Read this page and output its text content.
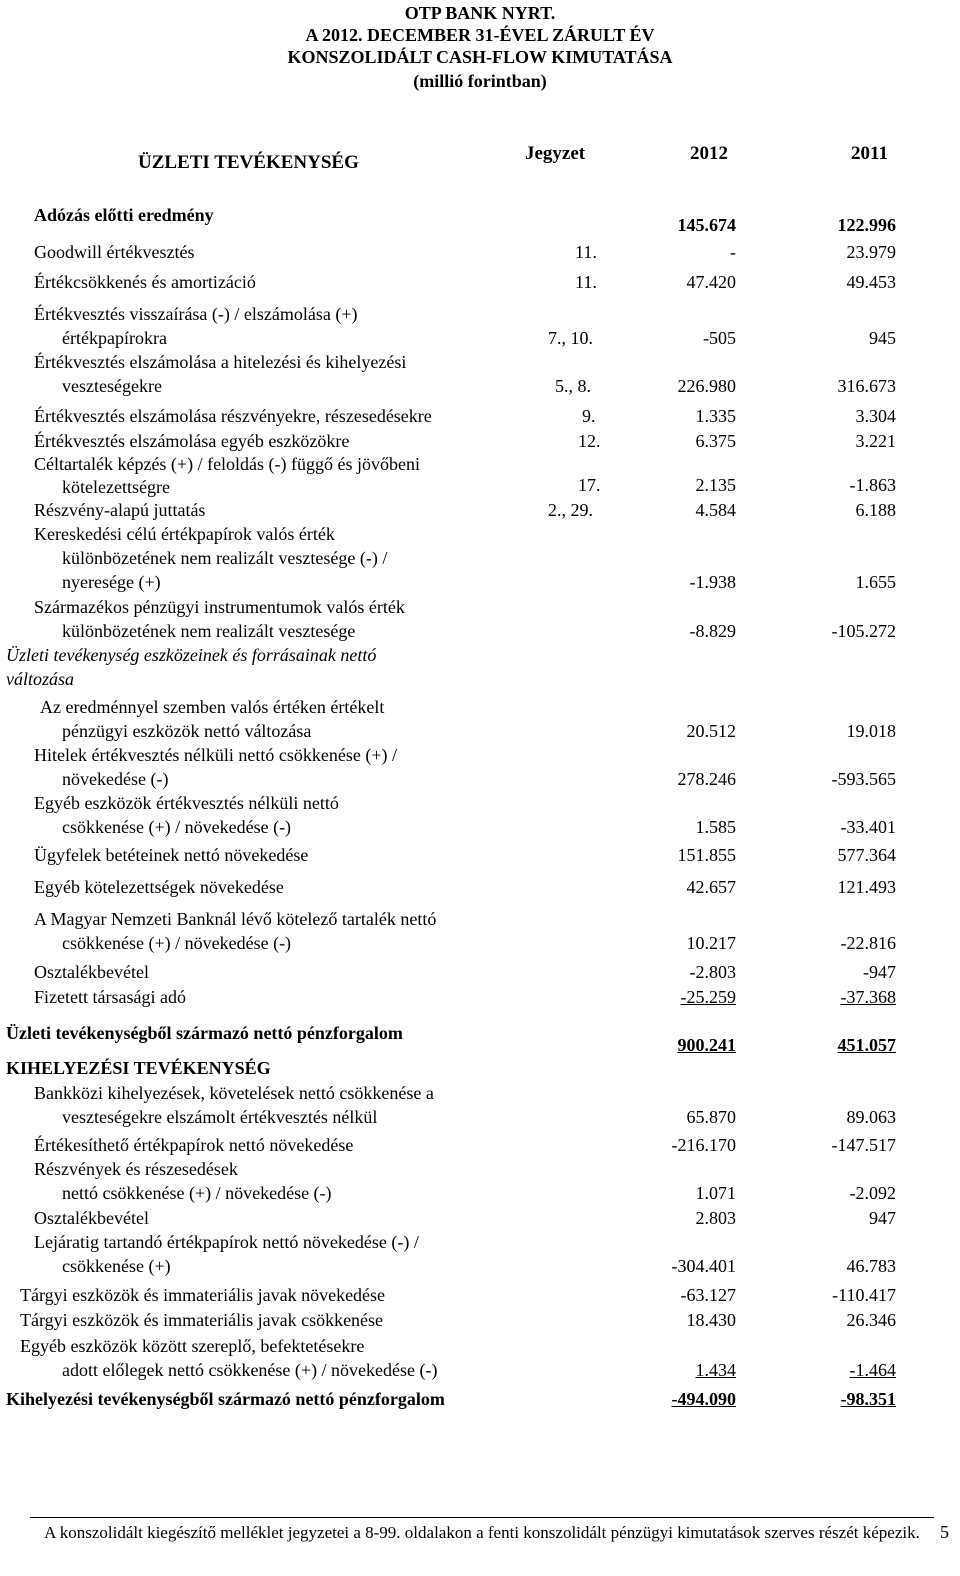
OTP BANK NYRT.
A 2012. DECEMBER 31-ÉVEL ZÁRULT ÉV
KONSZOLIDÁLT CASH-FLOW KIMUTATÁSA
(millió forintban)
ÜZLETI TEVÉKENYSÉG	Jegyzet	2012	2011
Adózás előtti eredmény	145.674	122.996
Goodwill értékvesztés	11.	-	23.979
Értékcsökkenés és amortizáció	11.	47.420	49.453
Értékvesztés visszaírása (-) / elszámolása (+)
értékpapírokra	7., 10.	-505	945
Értékvesztés elszámolása a hitelezési és kihelyezési
veszteségekre	5., 8.	226.980	316.673
Értékvesztés elszámolása részvényekre, részesedésekre	9.	1.335	3.304
Értékvesztés elszámolása egyéb eszközökre	12.	6.375	3.221
Céltartalék képzés (+) / feloldás (-) függő és jövőbeni
kötelezettségre	17.	2.135	-1.863
Részvény-alapú juttatás	2., 29.	4.584	6.188
Kereskedési célú értékpapírok valós érték
különbözetének nem realizált vesztesége (-) /
nyeresége (+)	-1.938	1.655
Származékos pénzügyi instrumentumok valós érték
különbözetének nem realizált vesztesége	-8.829	-105.272
Üzleti tevékenység eszközeinek és forrásainak nettó
változása
Az eredménnyel szemben valós értéken értékelt
pénzügyi eszközök nettó változása	20.512	19.018
Hitelek értékvesztés nélküli nettó csökkenése (+) /
növekedése (-)	278.246	-593.565
Egyéb eszközök értékvesztés nélküli nettó
csökkenése (+) / növekedése (-)	1.585	-33.401
Ügyfelek betéteinek nettó növekedése	151.855	577.364
Egyéb kötelezettségek növekedése	42.657	121.493
A Magyar Nemzeti Banknál lévő kötelező tartalék nettó
csökkenése (+) / növekedése (-)	10.217	-22.816
Osztalékbevétel	-2.803	-947
Fizetett társasági adó	-25.259	-37.368
Üzleti tevékenységből származó nettó pénzforgalom
900.241	451.057
KIHELYEZÉSI TEVÉKENYSÉG
Bankközi kihelyezések, követelések nettó csökkenése a
veszteségekre elszámolt értékvesztés nélkül	65.870	89.063
Értékesíthető értékpapírok nettó növekedése	-216.170	-147.517
Részvények és részesedések
nettó csökkenése (+) / növekedése (-)	1.071	-2.092
Osztalékbevétel	2.803	947
Lejáratig tartandó értékpapírok nettó növekedése (-) /
csökkenése (+)	-304.401	46.783
Tárgyi eszközök és immateriális javak növekedése	-63.127	-110.417
Tárgyi eszközök és immateriális javak csökkenése	18.430	26.346
Egyéb eszközök között szereplő, befektetésekre
adott előlegek nettó csökkenése (+) / növekedése (-)	1.434	-1.464
Kihelyezési tevékenységből származó nettó pénzforgalom	-494.090	-98.351
A konszolidált kiegészítő melléklet jegyzetei a 8-99. oldalakon a fenti konszolidált pénzügyi kimutatások szerves részét képezik.	5
